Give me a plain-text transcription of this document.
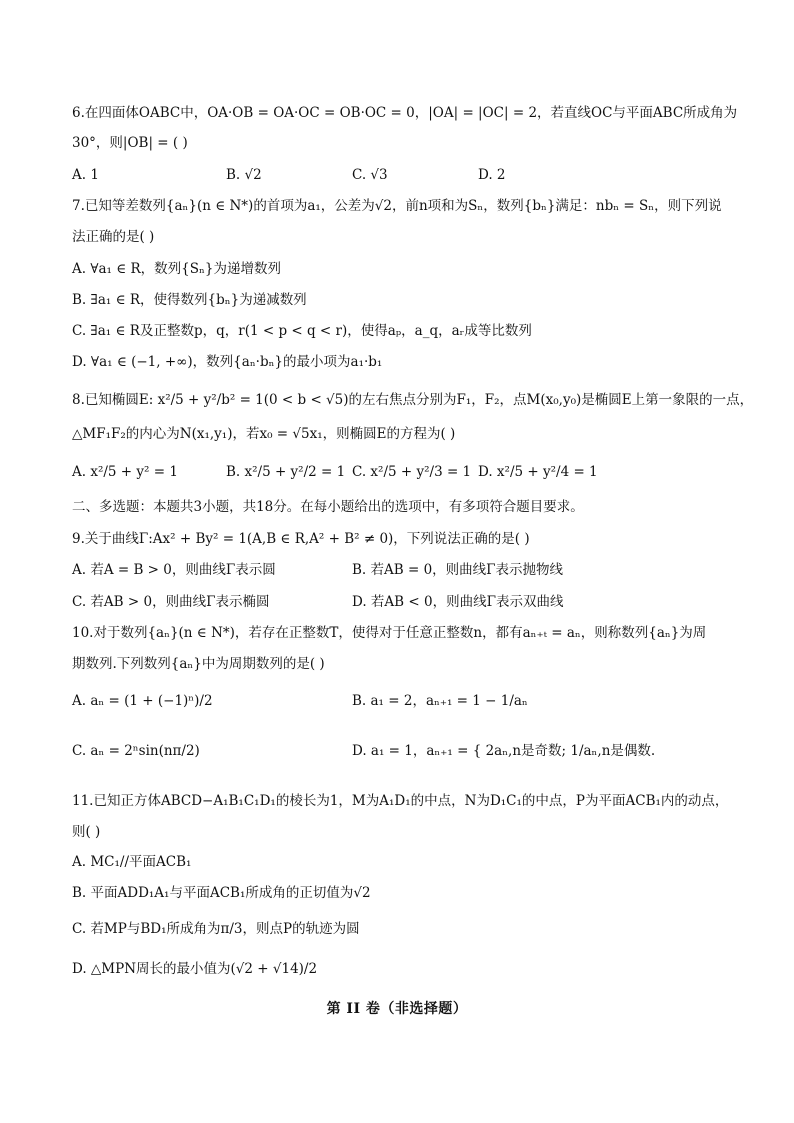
6.在四面体OABC中，OA·OB = OA·OC = OB·OC = 0，|OA| = |OC| = 2，若直线OC与平面ABC所成角为
30°，则|OB| = ( )
A. 1	B. √2	C. √3	D. 2
7.已知等差数列{aₙ}(n ∈ N*)的首项为a₁，公差为√2，前n项和为Sₙ，数列{bₙ}满足：nbₙ = Sₙ，则下列说
法正确的是( )
A. ∀a₁ ∈ R，数列{Sₙ}为递增数列
B. ∃a₁ ∈ R，使得数列{bₙ}为递减数列
C. ∃a₁ ∈ R及正整数p，q，r(1 < p < q < r)，使得aₚ，a_q，aᵣ成等比数列
D. ∀a₁ ∈ (−1, +∞)，数列{aₙ·bₙ}的最小项为a₁·b₁
8.已知椭圆E: x²/5 + y²/b² = 1(0 < b < √5)的左右焦点分别为F₁，F₂，点M(x₀,y₀)是椭圆E上第一象限的一点，
△MF₁F₂的内心为N(x₁,y₁)，若x₀ = √5x₁，则椭圆E的方程为( )
A. x²/5 + y² = 1	B. x²/5 + y²/2 = 1 C. x²/5 + y²/3 = 1 D. x²/5 + y²/4 = 1
二、多选题：本题共3小题，共18分。在每小题给出的选项中，有多项符合题目要求。
9.关于曲线Γ:Ax² + By² = 1(A,B ∈ R,A² + B² ≠ 0)，下列说法正确的是( )
A. 若A = B > 0，则曲线Γ表示圆	B. 若AB = 0，则曲线Γ表示抛物线
C. 若AB > 0，则曲线Γ表示椭圆	D. 若AB < 0，则曲线Γ表示双曲线
10.对于数列{aₙ}(n ∈ N*)，若存在正整数T，使得对于任意正整数n，都有aₙ₊ₜ = aₙ，则称数列{aₙ}为周
期数列.下列数列{aₙ}中为周期数列的是( )
A. aₙ = (1 + (−1)ⁿ)/2	B. a₁ = 2，aₙ₊₁ = 1 − 1/aₙ
C. aₙ = 2ⁿsin(nπ/2)	D. a₁ = 1，aₙ₊₁ = { 2aₙ,n是奇数; 1/aₙ,n是偶数.
11.已知正方体ABCD−A₁B₁C₁D₁的棱长为1，M为A₁D₁的中点，N为D₁C₁的中点，P为平面ACB₁内的动点，
则( )
A. MC₁//平面ACB₁
B. 平面ADD₁A₁与平面ACB₁所成角的正切值为√2
C. 若MP与BD₁所成角为π/3，则点P的轨迹为圆
D. △MPN周长的最小值为(√2 + √14)/2
第 II 卷（非选择题）
